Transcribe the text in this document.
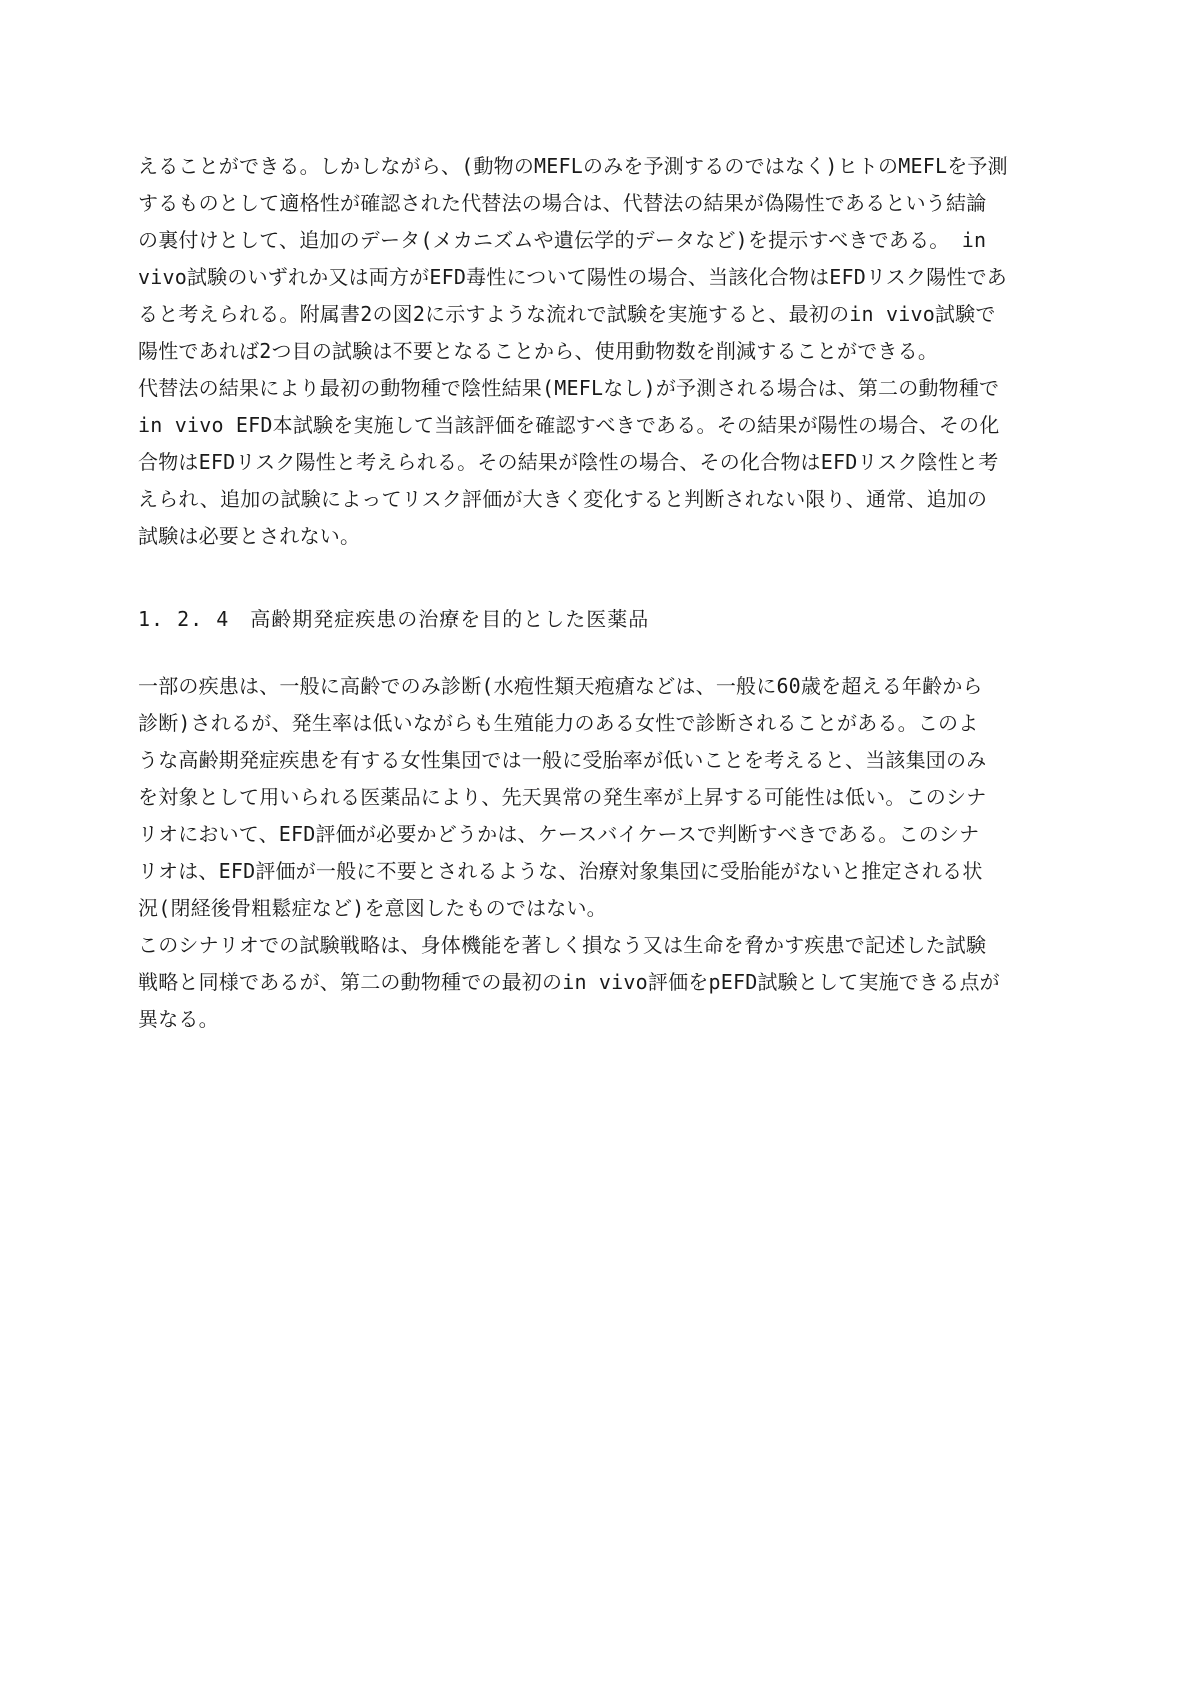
えることができる。しかしながら、(動物のMEFLのみを予測するのではなく)ヒトのMEFLを予測
するものとして適格性が確認された代替法の場合は、代替法の結果が偽陽性であるという結論
の裏付けとして、追加のデータ(メカニズムや遺伝学的データなど)を提示すべきである。 in
vivo試験のいずれか又は両方がEFD毒性について陽性の場合、当該化合物はEFDリスク陽性であ
ると考えられる。附属書2の図2に示すような流れで試験を実施すると、最初のin vivo試験で
陽性であれば2つ目の試験は不要となることから、使用動物数を削減することができる。
代替法の結果により最初の動物種で陰性結果(MEFLなし)が予測される場合は、第二の動物種で
in vivo EFD本試験を実施して当該評価を確認すべきである。その結果が陽性の場合、その化
合物はEFDリスク陽性と考えられる。その結果が陰性の場合、その化合物はEFDリスク陰性と考
えられ、追加の試験によってリスク評価が大きく変化すると判断されない限り、通常、追加の
試験は必要とされない。
1. 2. 4　高齢期発症疾患の治療を目的とした医薬品
一部の疾患は、一般に高齢でのみ診断(水疱性類天疱瘡などは、一般に60歳を超える年齢から
診断)されるが、発生率は低いながらも生殖能力のある女性で診断されることがある。このよ
うな高齢期発症疾患を有する女性集団では一般に受胎率が低いことを考えると、当該集団のみ
を対象として用いられる医薬品により、先天異常の発生率が上昇する可能性は低い。このシナ
リオにおいて、EFD評価が必要かどうかは、ケースバイケースで判断すべきである。このシナ
リオは、EFD評価が一般に不要とされるような、治療対象集団に受胎能がないと推定される状
況(閉経後骨粗鬆症など)を意図したものではない。
このシナリオでの試験戦略は、身体機能を著しく損なう又は生命を脅かす疾患で記述した試験
戦略と同様であるが、第二の動物種での最初のin vivo評価をpEFD試験として実施できる点が
異なる。
